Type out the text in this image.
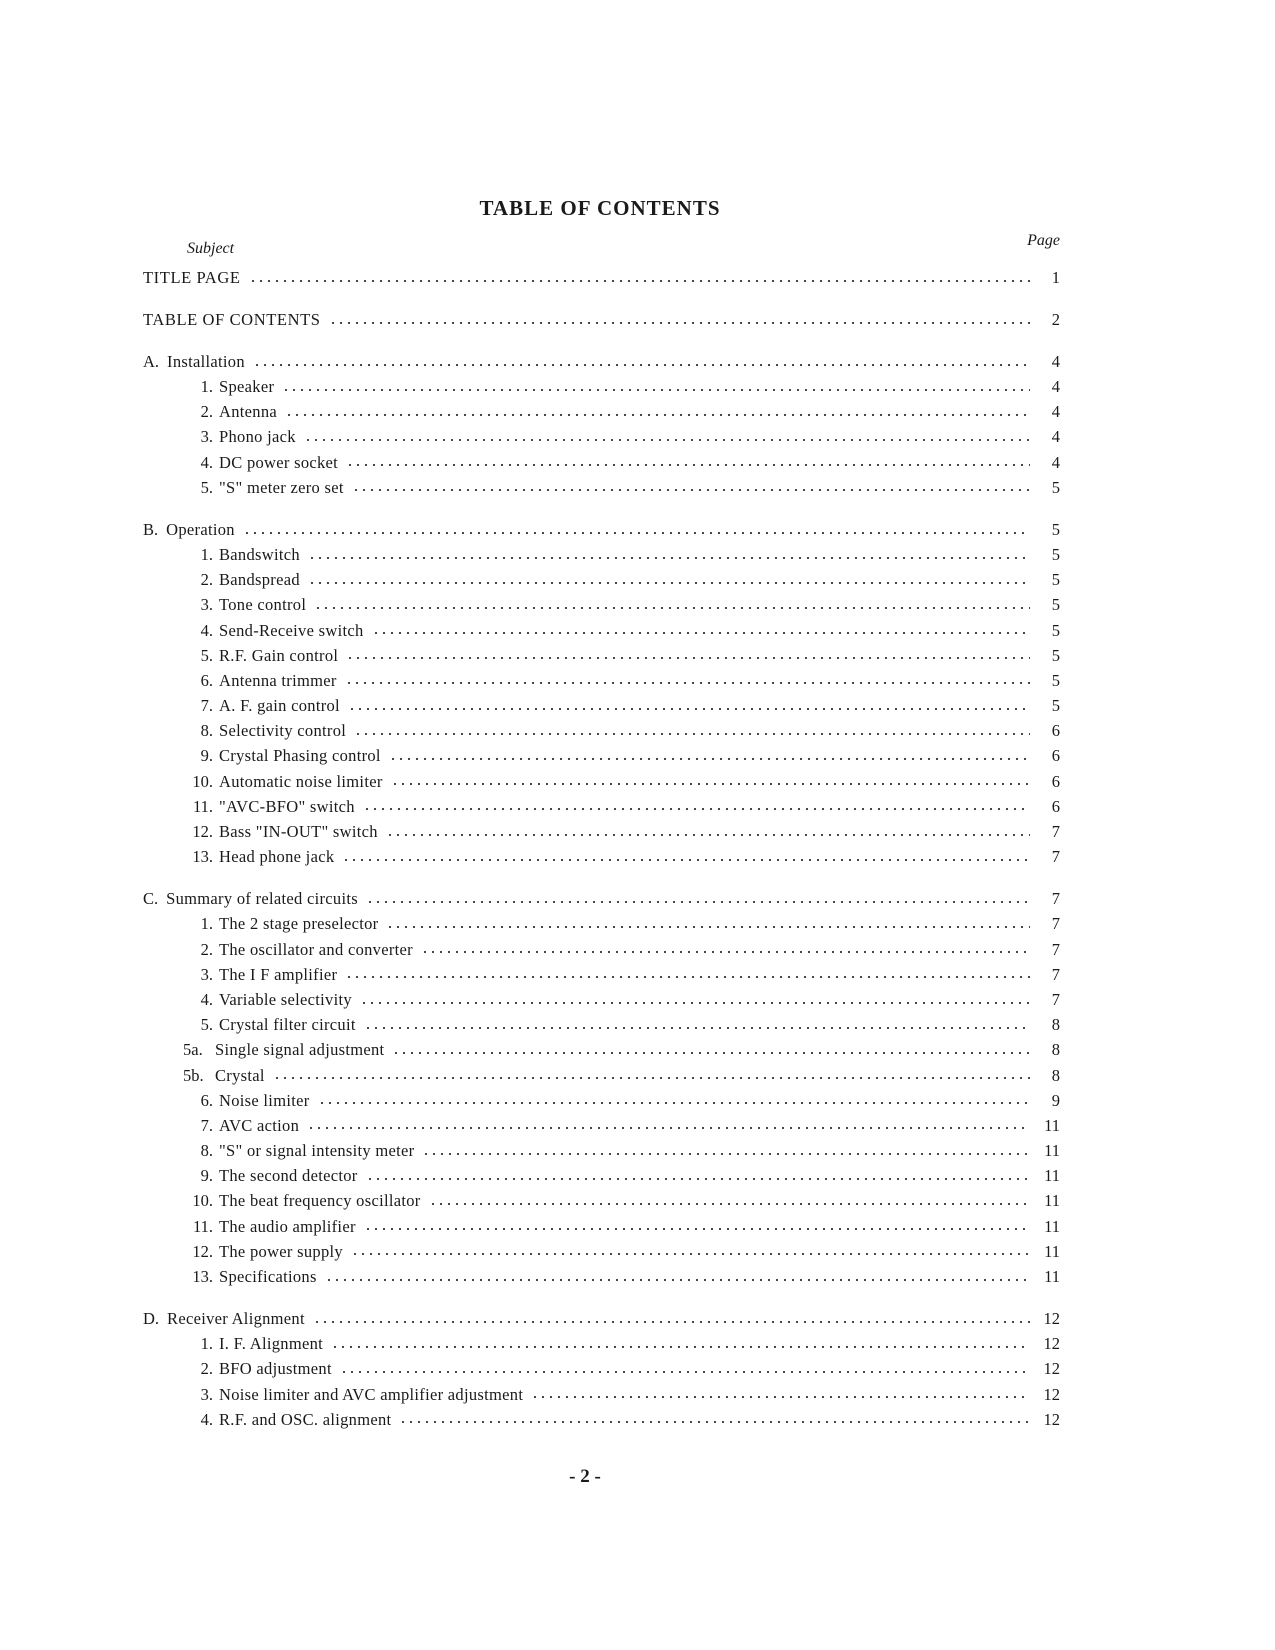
TABLE OF CONTENTS
Subject	Page
TITLE PAGE	1
TABLE OF CONTENTS	2
A. Installation	4
1. Speaker	4
2. Antenna	4
3. Phono jack	4
4. DC power socket	4
5. "S" meter zero set	5
B. Operation	5
1. Bandswitch	5
2. Bandspread	5
3. Tone control	5
4. Send-Receive switch	5
5. R.F. Gain control	5
6. Antenna trimmer	5
7. A. F. gain control	5
8. Selectivity control	6
9. Crystal Phasing control	6
10. Automatic noise limiter	6
11. "AVC-BFO" switch	6
12. Bass "IN-OUT" switch	7
13. Head phone jack	7
C. Summary of related circuits	7
1. The 2 stage preselector	7
2. The oscillator and converter	7
3. The I F amplifier	7
4. Variable selectivity	7
5. Crystal filter circuit	8
5a. Single signal adjustment	8
5b. Crystal	8
6. Noise limiter	9
7. AVC action	11
8. "S" or signal intensity meter	11
9. The second detector	11
10. The beat frequency oscillator	11
11. The audio amplifier	11
12. The power supply	11
13. Specifications	11
D. Receiver Alignment	12
1. I. F. Alignment	12
2. BFO adjustment	12
3. Noise limiter and AVC amplifier adjustment	12
4. R.F. and OSC. alignment	12
- 2 -
